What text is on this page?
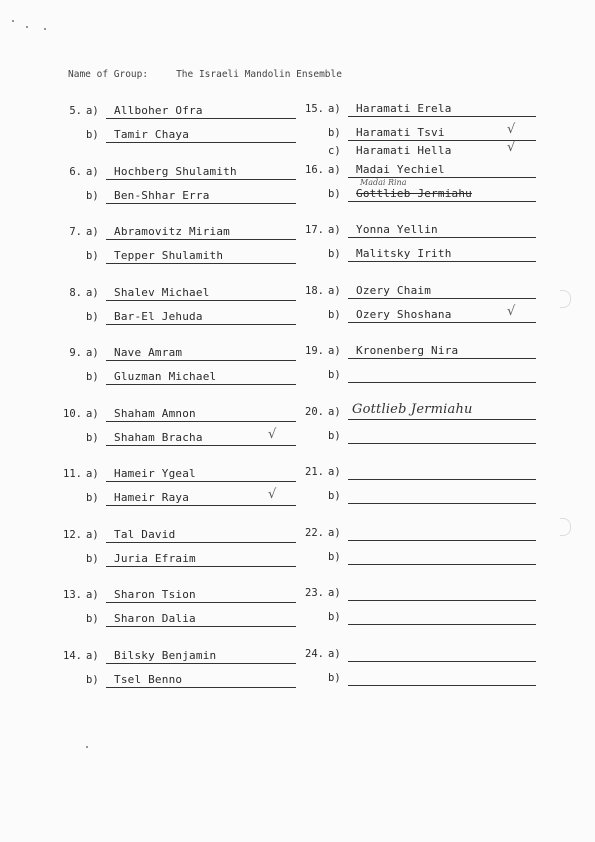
Name of Group:	The Israeli Mandolin Ensemble
5. a) Allboher Ofra
b) Tamir Chaya
6. a) Hochberg Shulamith
b) Ben-Shhar Erra
7. a) Abramovitz Miriam
b) Tepper Shulamith
8. a) Shalev Michael
b) Bar-El Jehuda
9. a) Nave Amram
b) Gluzman Michael
10. a) Shaham Amnon
b) Shaham Bracha	√
11. a) Hameir Ygeal
b) Hameir Raya	√
12. a) Tal David
b) Juria Efraim
13. a) Sharon Tsion
b) Sharon Dalia
14. a) Bilsky Benjamin
b) Tsel Benno
15. a) Haramati Erela
b) Haramati Tsvi	√
c) Haramati Hella	√
16. a) Madai Yechiel
b) Gottlieb Jermiahu
Madai Rina
17. a) Yonna Yellin
b) Malitsky Irith
18. a) Ozery Chaim
b) Ozery Shoshana	√
19. a) Kronenberg Nira
b)
20. a) Gottlieb Jermiahu
b)
21. a)
b)
22. a)
b)
23. a)
b)
24. a)
b)
